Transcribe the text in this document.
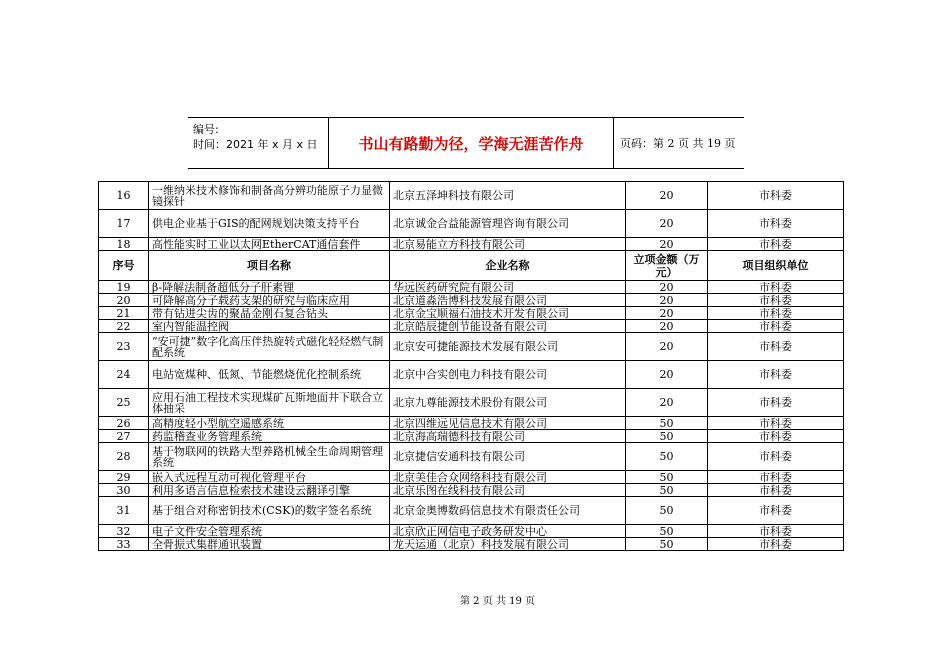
编号:
时间：2021 年 x 月 x 日	书山有路勤为径，学海无涯苦作舟	页码：第 2 页 共 19 页
16	一维纳米技术修饰和制备高分辨功能原子力显微镜探针	北京五泽坤科技有限公司	20	市科委
17	供电企业基于GIS的配网规划决策支持平台	北京诚金合益能源管理咨询有限公司	20	市科委
18	高性能实时工业以太网EtherCAT通信套件	北京易能立方科技有限公司	20	市科委
序号	项目名称	企业名称	立项金额（万元）	项目组织单位
19	β-降解法制备超低分子肝素锂	华远医药研究院有限公司	20	市科委
20	可降解高分子载药支架的研究与临床应用	北京道淼浩博科技发展有限公司	20	市科委
21	带有钻进尖齿的聚晶金刚石复合钻头	北京金宝顺福石油技术开发有限公司	20	市科委
22	室内智能温控阀	北京皓辰捷创节能设备有限公司	20	市科委
23	“安可捷”数字化高压伴热旋转式磁化轻烃燃气制配系统	北京安可捷能源技术发展有限公司	20	市科委
24	电站宽煤种、低氮、节能燃烧优化控制系统	北京中合实创电力科技有限公司	20	市科委
25	应用石油工程技术实现煤矿瓦斯地面井下联合立体抽采	北京九尊能源技术股份有限公司	20	市科委
26	高精度轻小型航空遥感系统	北京四维远见信息技术有限公司	50	市科委
27	药监稽查业务管理系统	北京海高瑞德科技有限公司	50	市科委
28	基于物联网的铁路大型养路机械全生命周期管理系统	北京捷信安通科技有限公司	50	市科委
29	嵌入式远程互动可视化管理平台	北京美佳合众网络科技有限公司	50	市科委
30	利用多语言信息检索技术建设云翻译引擎	北京乐图在线科技有限公司	50	市科委
31	基于组合对称密钥技术(CSK)的数字签名系统	北京金奥博数码信息技术有限责任公司	50	市科委
32	电子文件安全管理系统	北京欣正网信电子政务研发中心	50	市科委
33	全骨振式集群通讯装置	龙天运通（北京）科技发展有限公司	50	市科委
第 2 页 共 19 页
